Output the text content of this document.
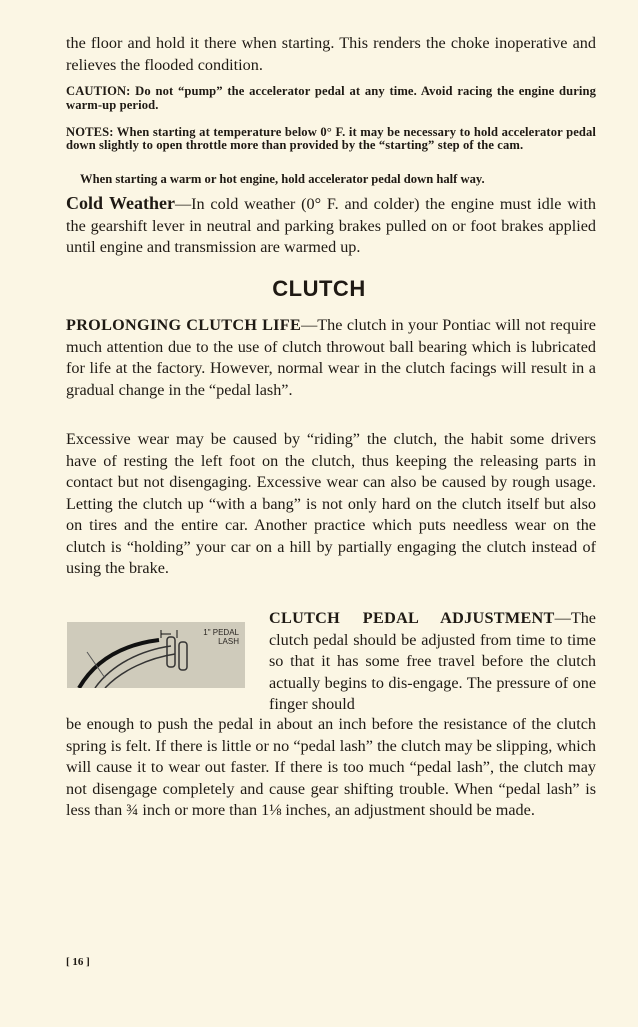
the floor and hold it there when starting. This renders the choke inoperative and relieves the flooded condition.
CAUTION: Do not “pump” the accelerator pedal at any time. Avoid racing the engine during warm-up period.
NOTES: When starting at temperature below 0° F. it may be necessary to hold accelerator pedal down slightly to open throttle more than provided by the “starting” step of the cam.
When starting a warm or hot engine, hold accelerator pedal down half way.
Cold Weather—In cold weather (0° F. and colder) the engine must idle with the gearshift lever in neutral and parking brakes pulled on or foot brakes applied until engine and transmission are warmed up.
CLUTCH
PROLONGING CLUTCH LIFE—The clutch in your Pontiac will not require much attention due to the use of clutch throwout ball bearing which is lubricated for life at the factory. However, normal wear in the clutch facings will result in a gradual change in the “pedal lash”.
Excessive wear may be caused by “riding” the clutch, the habit some drivers have of resting the left foot on the clutch, thus keeping the releasing parts in contact but not disengaging. Excessive wear can also be caused by rough usage. Letting the clutch up “with a bang” is not only hard on the clutch itself but also on tires and the entire car. Another practice which puts needless wear on the clutch is “holding” your car on a hill by partially engaging the clutch instead of using the brake.
1" PEDAL
LASH
CLUTCH PEDAL ADJUSTMENT—The clutch pedal should be adjusted from time to time so that it has some free travel before the clutch actually begins to dis-engage. The pressure of one finger should
be enough to push the pedal in about an inch before the resistance of the clutch spring is felt. If there is little or no “pedal lash” the clutch may be slipping, which will cause it to wear out faster. If there is too much “pedal lash”, the clutch may not disengage completely and cause gear shifting trouble. When “pedal lash” is less than ¾ inch or more than 1⅛ inches, an adjustment should be made.
[ 16 ]
